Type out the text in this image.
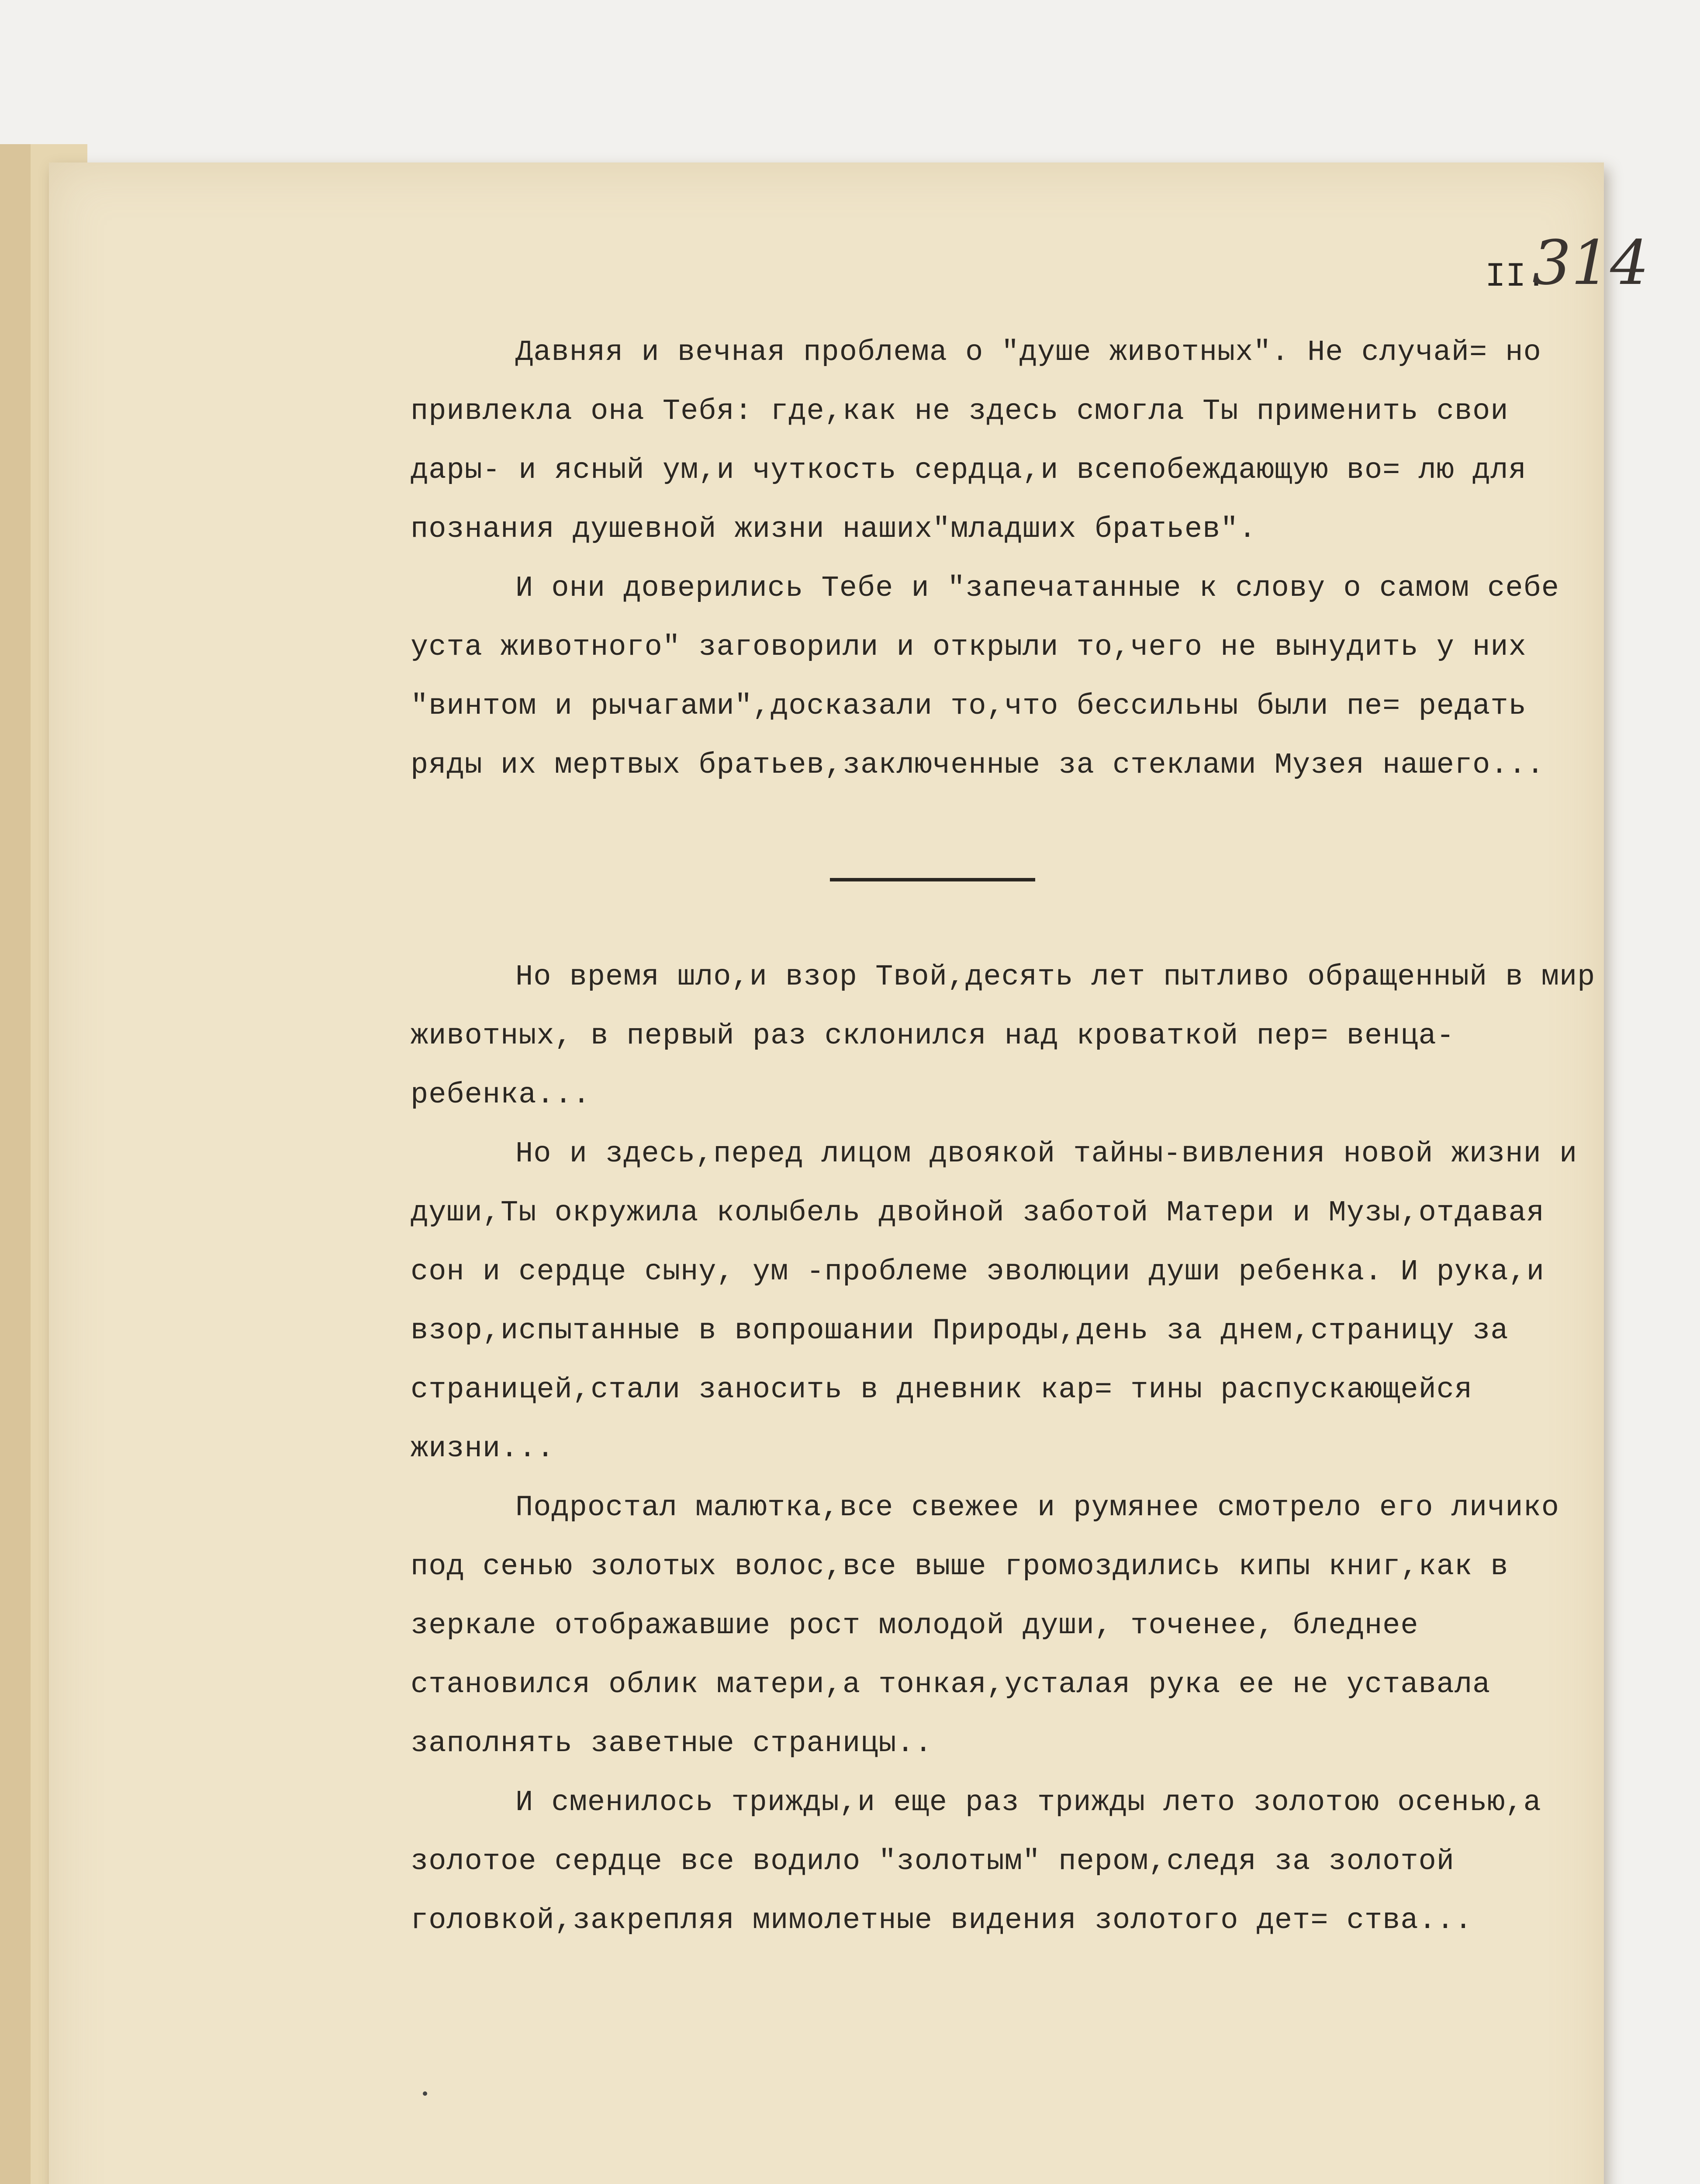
II.
314

Давняя и вечная проблема о "душе животных". Не случай= но привлекла она Тебя: где,как не здесь смогла Ты применить свои дары- и ясный ум,и чуткость сердца,и всепобеждающую во= лю для познания душевной жизни наших"младших братьев".

И они доверились Тебе и "запечатанные к слову о самом себе уста животного" заговорили и открыли то,чего не вынудить у них "винтом и рычагами",досказали то,что бессильны были пе= редать ряды их мертвых братьев,заключенные за стеклами Музея нашего...

Но время шло,и взор Твой,десять лет пытливо обращенный в мир животных, в первый раз склонился над кроваткой пер= венца-ребенка...

Но и здесь,перед лицом двоякой тайны-вивления новой жизни и души,Ты окружила колыбель двойной заботой Матери и Музы,отдавая сон и сердце сыну, ум -проблеме эволюции души ребенка. И рука,и взор,испытанные в вопрошании Природы,день за днем,страницу за страницей,стали заносить в дневник кар= тины распускающейся жизни...

Подростал малютка,все свежее и румянее смотрело его личико под сенью золотых волос,все выше громоздились кипы книг,как в зеркале отображавшие рост молодой души, точенее, бледнее становился облик матери,а тонкая,усталая рука ее не уставала заполнять заветные страницы..

И сменилось трижды,и еще раз трижды лето золотою осенью,а золотое сердце все водило "золотым" пером,следя за золотой головкой,закрепляя мимолетные видения золотого дет= ства...
